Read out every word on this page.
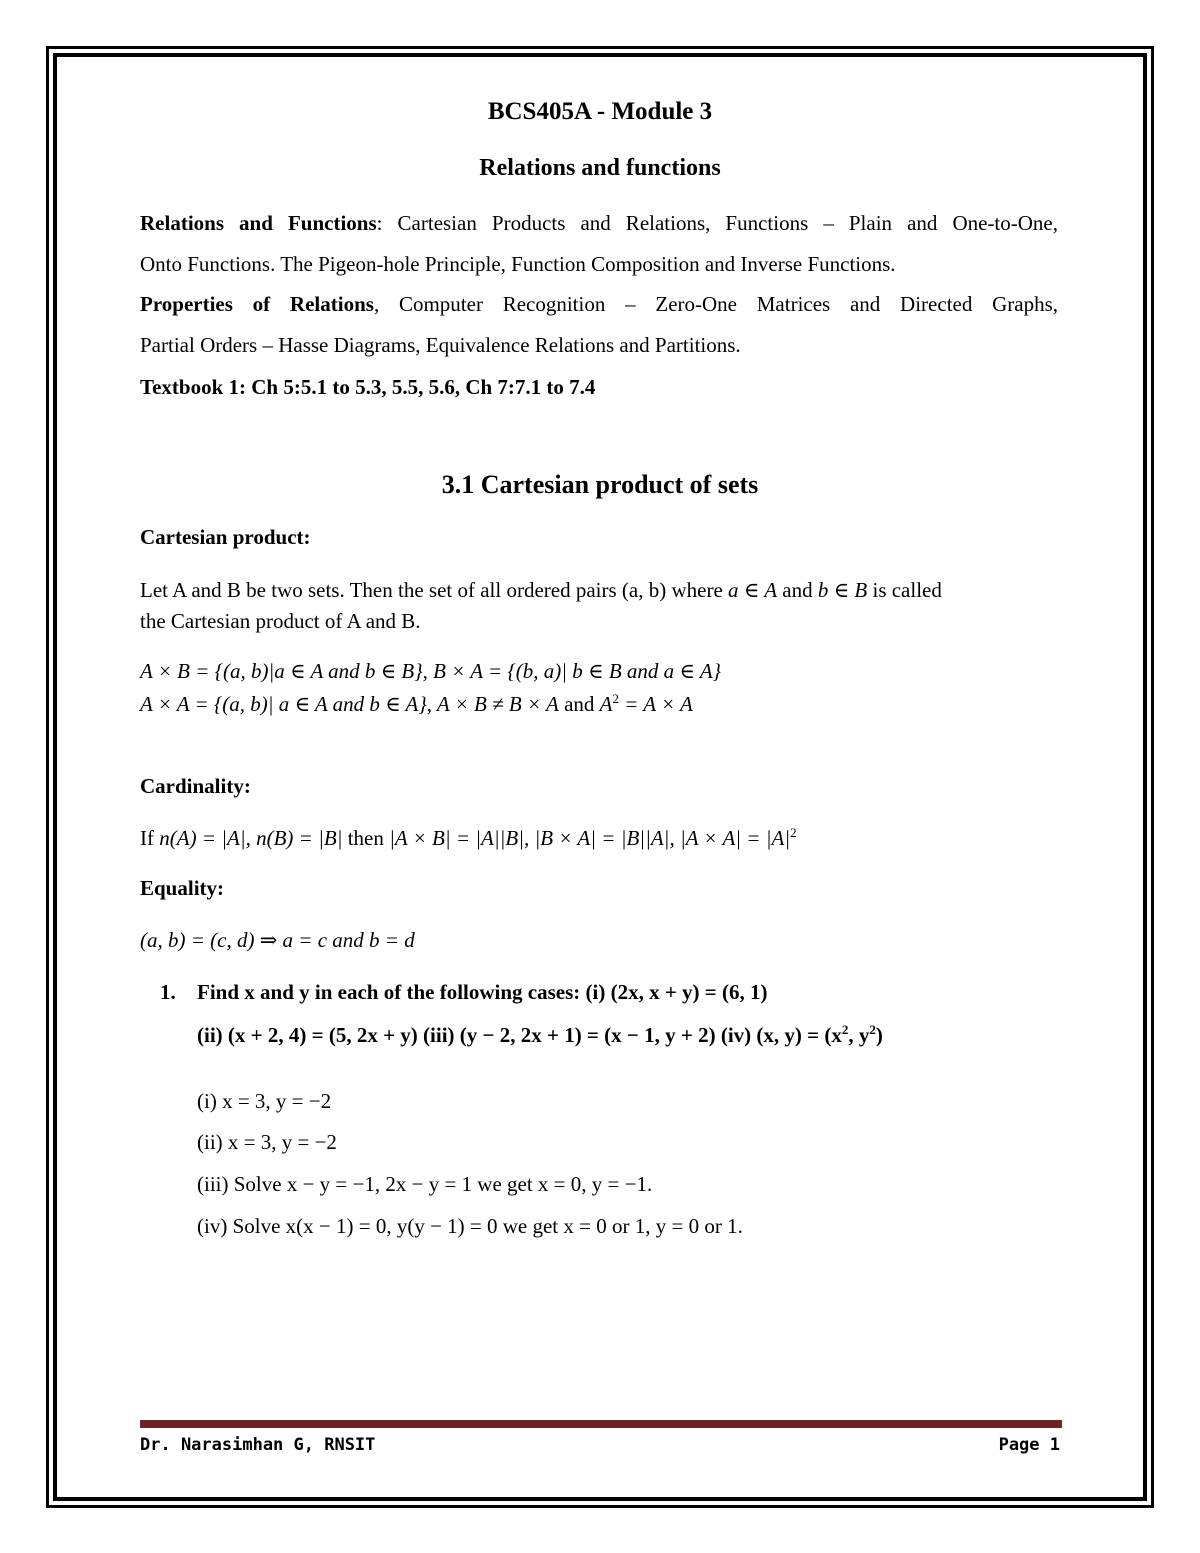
BCS405A - Module 3
Relations and functions
Relations and Functions: Cartesian Products and Relations, Functions – Plain and One-to-One,
Onto Functions. The Pigeon-hole Principle, Function Composition and Inverse Functions.
Properties of Relations, Computer Recognition – Zero-One Matrices and Directed Graphs,
Partial Orders – Hasse Diagrams, Equivalence Relations and Partitions.
Textbook 1: Ch 5:5.1 to 5.3, 5.5, 5.6, Ch 7:7.1 to 7.4
3.1 Cartesian product of sets
Cartesian product:
Let A and B be two sets. Then the set of all ordered pairs (a, b) where a ∈ A and b ∈ B is called
the Cartesian product of A and B.
A × B = {(a, b)|a ∈ A and b ∈ B}, B × A = {(b, a)| b ∈ B and a ∈ A}
A × A = {(a, b)| a ∈ A and b ∈ A}, A × B ≠ B × A and $A^2 = A \times A$
Cardinality:
If n(A) = |A|, n(B) = |B| then |A × B| = |A||B|, |B × A| = |B||A|, $|A \times A| = |A|^2$
Equality:
(a, b) = (c, d) ⇒ a = c and b = d
1. Find x and y in each of the following cases: (i) (2x, x + y) = (6, 1)
(ii) (x + 2, 4) = (5, 2x + y) (iii) (y − 2, 2x + 1) = (x − 1, y + 2) (iv) (x, $y) = (x^2$, $y^2$)
(i) x = 3, y = −2
(ii) x = 3, y = −2
(iii) Solve x − y = −1, 2x − y = 1 we get x = 0, y = −1.
(iv) Solve x(x − 1) = 0, y(y − 1) = 0 we get x = 0 or 1, y = 0 or 1.
Dr. Narasimhan G, RNSIT	Page 1
